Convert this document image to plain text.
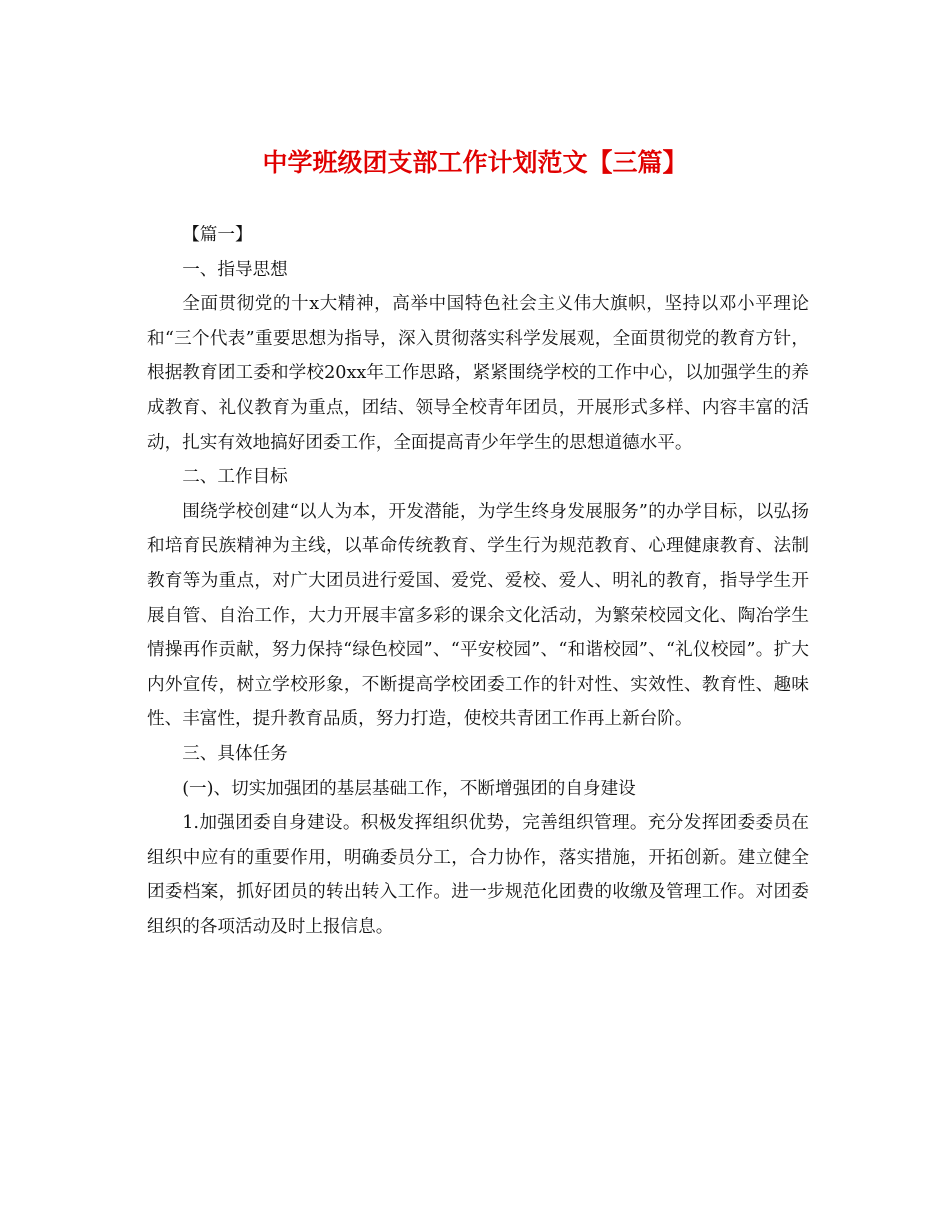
中学班级团支部工作计划范文【三篇】

【篇一】

一、指导思想

全面贯彻党的十x大精神，高举中国特色社会主义伟大旗帜，坚持以邓小平理论和“三个代表”重要思想为指导，深入贯彻落实科学发展观，全面贯彻党的教育方针，根据教育团工委和学校20xx年工作思路，紧紧围绕学校的工作中心，以加强学生的养成教育、礼仪教育为重点，团结、领导全校青年团员，开展形式多样、内容丰富的活动，扎实有效地搞好团委工作，全面提高青少年学生的思想道德水平。

二、工作目标

围绕学校创建“以人为本，开发潜能，为学生终身发展服务”的办学目标，以弘扬和培育民族精神为主线，以革命传统教育、学生行为规范教育、心理健康教育、法制教育等为重点，对广大团员进行爱国、爱党、爱校、爱人、明礼的教育，指导学生开展自管、自治工作，大力开展丰富多彩的课余文化活动，为繁荣校园文化、陶冶学生情操再作贡献，努力保持“绿色校园”、“平安校园”、“和谐校园”、“礼仪校园”。扩大内外宣传，树立学校形象，不断提高学校团委工作的针对性、实效性、教育性、趣味性、丰富性，提升教育品质，努力打造，使校共青团工作再上新台阶。

三、具体任务

(一)、切实加强团的基层基础工作，不断增强团的自身建设

1.加强团委自身建设。积极发挥组织优势，完善组织管理。充分发挥团委委员在组织中应有的重要作用，明确委员分工，合力协作，落实措施，开拓创新。建立健全团委档案，抓好团员的转出转入工作。进一步规范化团费的收缴及管理工作。对团委组织的各项活动及时上报信息。
